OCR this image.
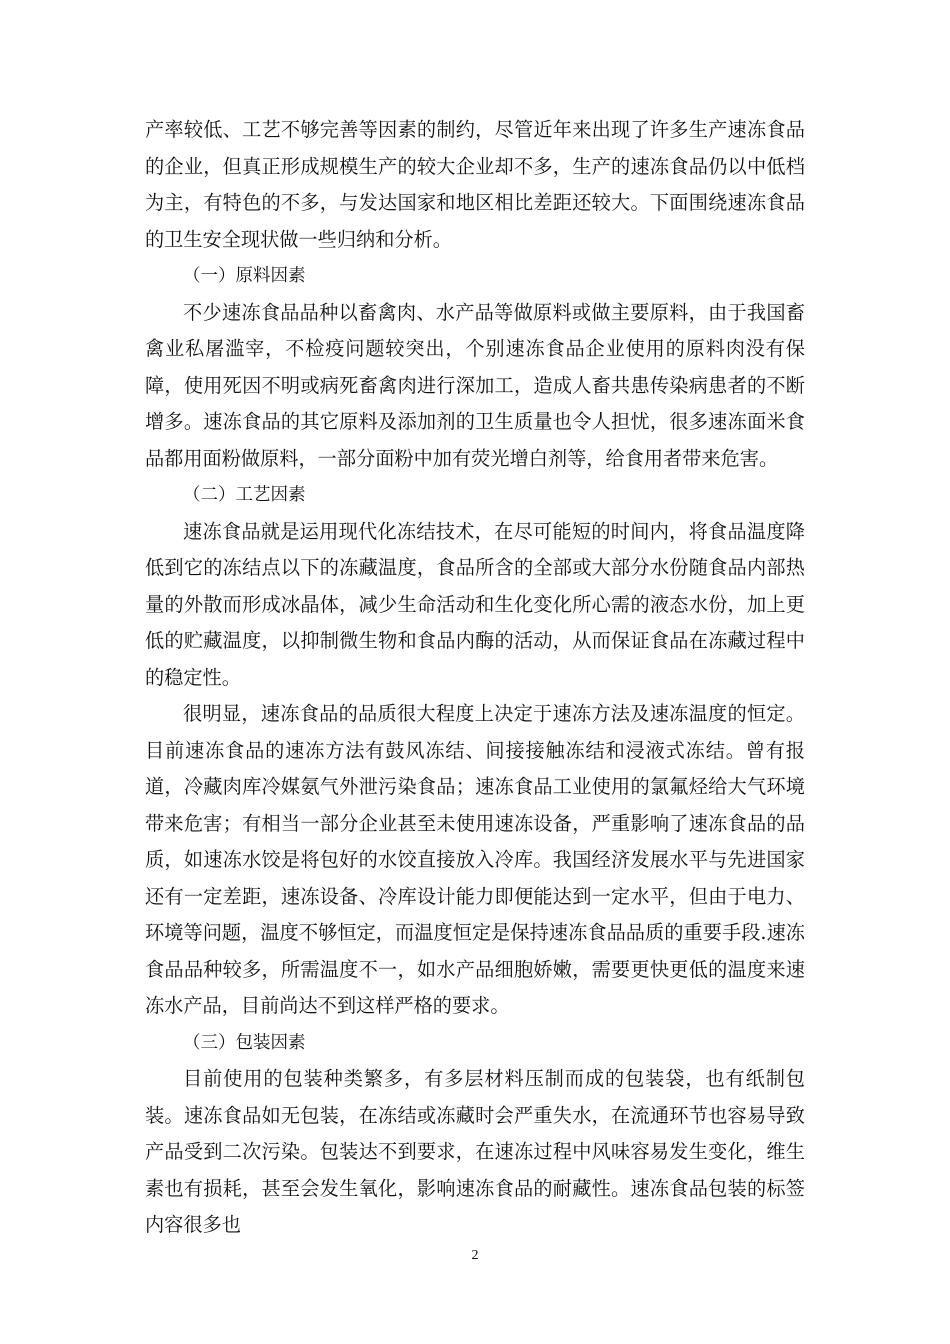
产率较低、工艺不够完善等因素的制约，尽管近年来出现了许多生产速冻食品的企业，但真正形成规模生产的较大企业却不多，生产的速冻食品仍以中低档为主，有特色的不多，与发达国家和地区相比差距还较大。下面围绕速冻食品的卫生安全现状做一些归纳和分析。

（一）原料因素

不少速冻食品品种以畜禽肉、水产品等做原料或做主要原料，由于我国畜禽业私屠滥宰，不检疫问题较突出，个别速冻食品企业使用的原料肉没有保障，使用死因不明或病死畜禽肉进行深加工，造成人畜共患传染病患者的不断增多。速冻食品的其它原料及添加剂的卫生质量也令人担忧，很多速冻面米食品都用面粉做原料，一部分面粉中加有荧光增白剂等，给食用者带来危害。

（二）工艺因素

速冻食品就是运用现代化冻结技术，在尽可能短的时间内，将食品温度降低到它的冻结点以下的冻藏温度，食品所含的全部或大部分水份随食品内部热量的外散而形成冰晶体，减少生命活动和生化变化所心需的液态水份，加上更低的贮藏温度，以抑制微生物和食品内酶的活动，从而保证食品在冻藏过程中的稳定性。

很明显，速冻食品的品质很大程度上决定于速冻方法及速冻温度的恒定。目前速冻食品的速冻方法有鼓风冻结、间接接触冻结和浸液式冻结。曾有报道，冷藏肉库冷媒氨气外泄污染食品；速冻食品工业使用的氯氟烃给大气环境带来危害；有相当一部分企业甚至未使用速冻设备，严重影响了速冻食品的品质，如速冻水饺是将包好的水饺直接放入冷库。我国经济发展水平与先进国家还有一定差距，速冻设备、冷库设计能力即便能达到一定水平，但由于电力、环境等问题，温度不够恒定，而温度恒定是保持速冻食品品质的重要手段.速冻食品品种较多，所需温度不一，如水产品细胞娇嫩，需要更快更低的温度来速冻水产品，目前尚达不到这样严格的要求。

（三）包装因素

目前使用的包装种类繁多，有多层材料压制而成的包装袋，也有纸制包装。速冻食品如无包装，在冻结或冻藏时会严重失水，在流通环节也容易导致产品受到二次污染。包装达不到要求，在速冻过程中风味容易发生变化，维生素也有损耗，甚至会发生氧化，影响速冻食品的耐藏性。速冻食品包装的标签内容很多也

2
